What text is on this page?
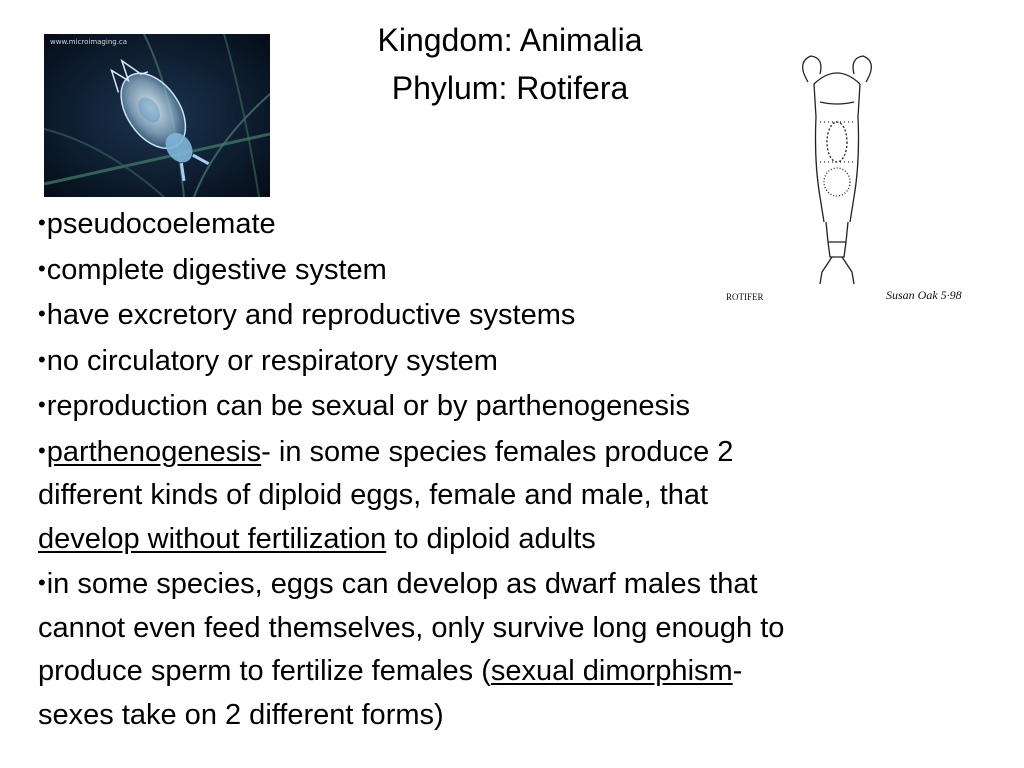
Kingdom: Animalia
Phylum: Rotifera
www.microimaging.ca
ROTIFER	Susan Oak 5·98
•pseudocoelemate
•complete digestive system
•have excretory and reproductive systems
•no circulatory or respiratory system
•reproduction can be sexual or by parthenogenesis
•parthenogenesis- in some species females produce 2
different kinds of diploid eggs, female and male, that
develop without fertilization to diploid adults
•in some species, eggs can develop as dwarf males that
cannot even feed themselves, only survive long enough to
produce sperm to fertilize females (sexual dimorphism-
sexes take on 2 different forms)
